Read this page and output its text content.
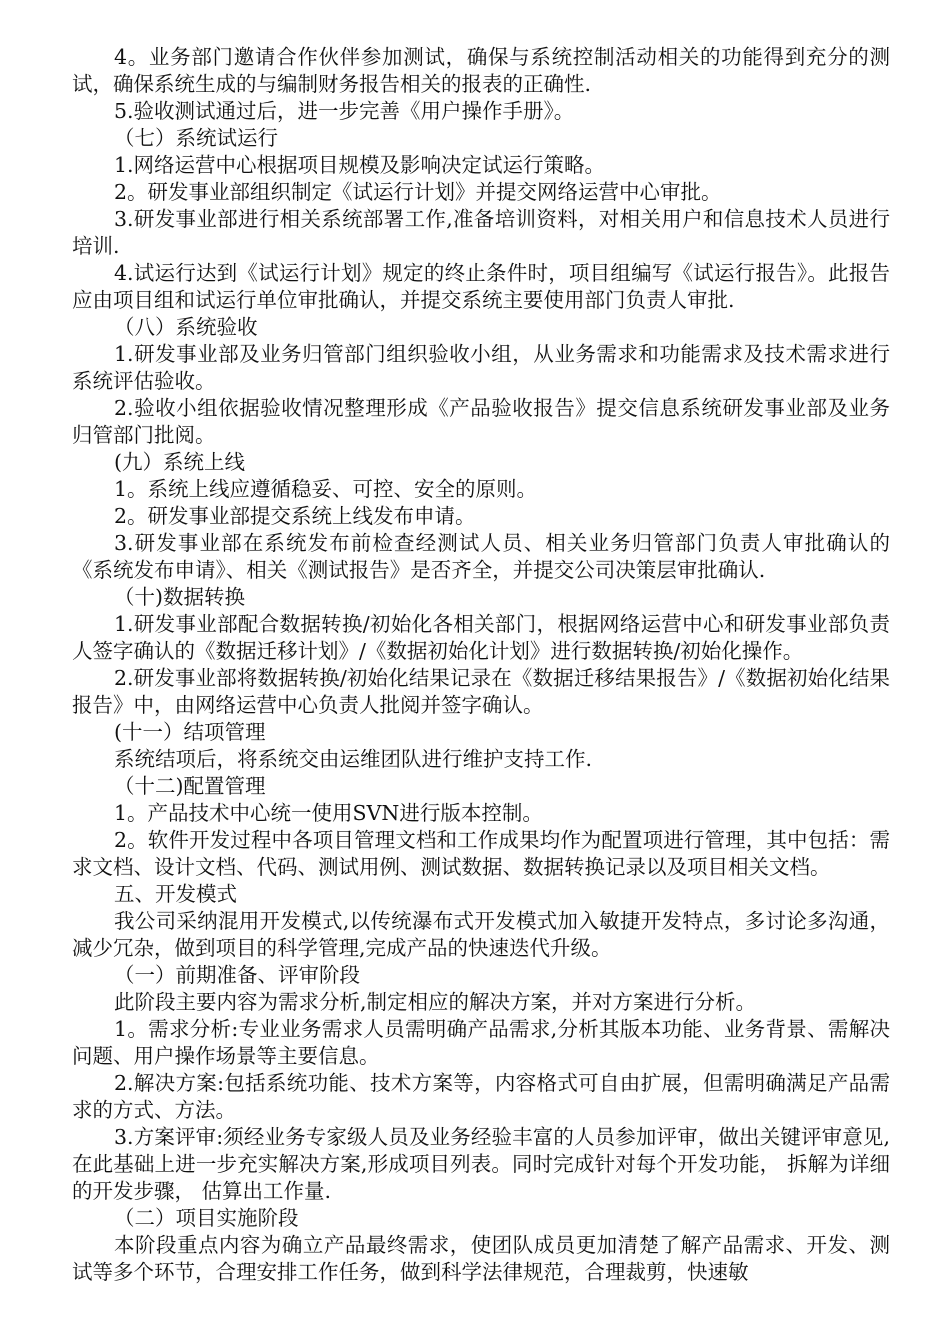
4。业务部门邀请合作伙伴参加测试，确保与系统控制活动相关的功能得到充分的测试，确保系统生成的与编制财务报告相关的报表的正确性.

5.验收测试通过后，进一步完善《用户操作手册》。

（七）系统试运行

1.网络运营中心根据项目规模及影响决定试运行策略。

2。研发事业部组织制定《试运行计划》并提交网络运营中心审批。

3.研发事业部进行相关系统部署工作,准备培训资料，对相关用户和信息技术人员进行培训.

4.试运行达到《试运行计划》规定的终止条件时，项目组编写《试运行报告》。此报告应由项目组和试运行单位审批确认，并提交系统主要使用部门负责人审批.

（八）系统验收

1.研发事业部及业务归管部门组织验收小组，从业务需求和功能需求及技术需求进行系统评估验收。

2.验收小组依据验收情况整理形成《产品验收报告》提交信息系统研发事业部及业务归管部门批阅。

(九）系统上线

1。系统上线应遵循稳妥、可控、安全的原则。

2。研发事业部提交系统上线发布申请。

3.研发事业部在系统发布前检查经测试人员、相关业务归管部门负责人审批确认的《系统发布申请》、相关《测试报告》是否齐全，并提交公司决策层审批确认.

（十)数据转换

1.研发事业部配合数据转换/初始化各相关部门，根据网络运营中心和研发事业部负责人签字确认的《数据迁移计划》/《数据初始化计划》进行数据转换/初始化操作。

2.研发事业部将数据转换/初始化结果记录在《数据迁移结果报告》/《数据初始化结果报告》中，由网络运营中心负责人批阅并签字确认。

(十一）结项管理

系统结项后，将系统交由运维团队进行维护支持工作.

（十二)配置管理

1。产品技术中心统一使用SVN进行版本控制。

2。软件开发过程中各项目管理文档和工作成果均作为配置项进行管理，其中包括：需求文档、设计文档、代码、测试用例、测试数据、数据转换记录以及项目相关文档。

五、开发模式

我公司采纳混用开发模式,以传统瀑布式开发模式加入敏捷开发特点，多讨论多沟通，减少冗杂，做到项目的科学管理,完成产品的快速迭代升级。

（一）前期准备、评审阶段

此阶段主要内容为需求分析,制定相应的解决方案，并对方案进行分析。

1。需求分析:专业业务需求人员需明确产品需求,分析其版本功能、业务背景、需解决问题、用户操作场景等主要信息。

2.解决方案:包括系统功能、技术方案等，内容格式可自由扩展，但需明确满足产品需求的方式、方法。

3.方案评审:须经业务专家级人员及业务经验丰富的人员参加评审，做出关键评审意见,在此基础上进一步充实解决方案,形成项目列表。同时完成针对每个开发功能， 拆解为详细的开发步骤， 估算出工作量.

（二）项目实施阶段

本阶段重点内容为确立产品最终需求，使团队成员更加清楚了解产品需求、开发、测试等多个环节，合理安排工作任务，做到科学法律规范，合理裁剪，快速敏
